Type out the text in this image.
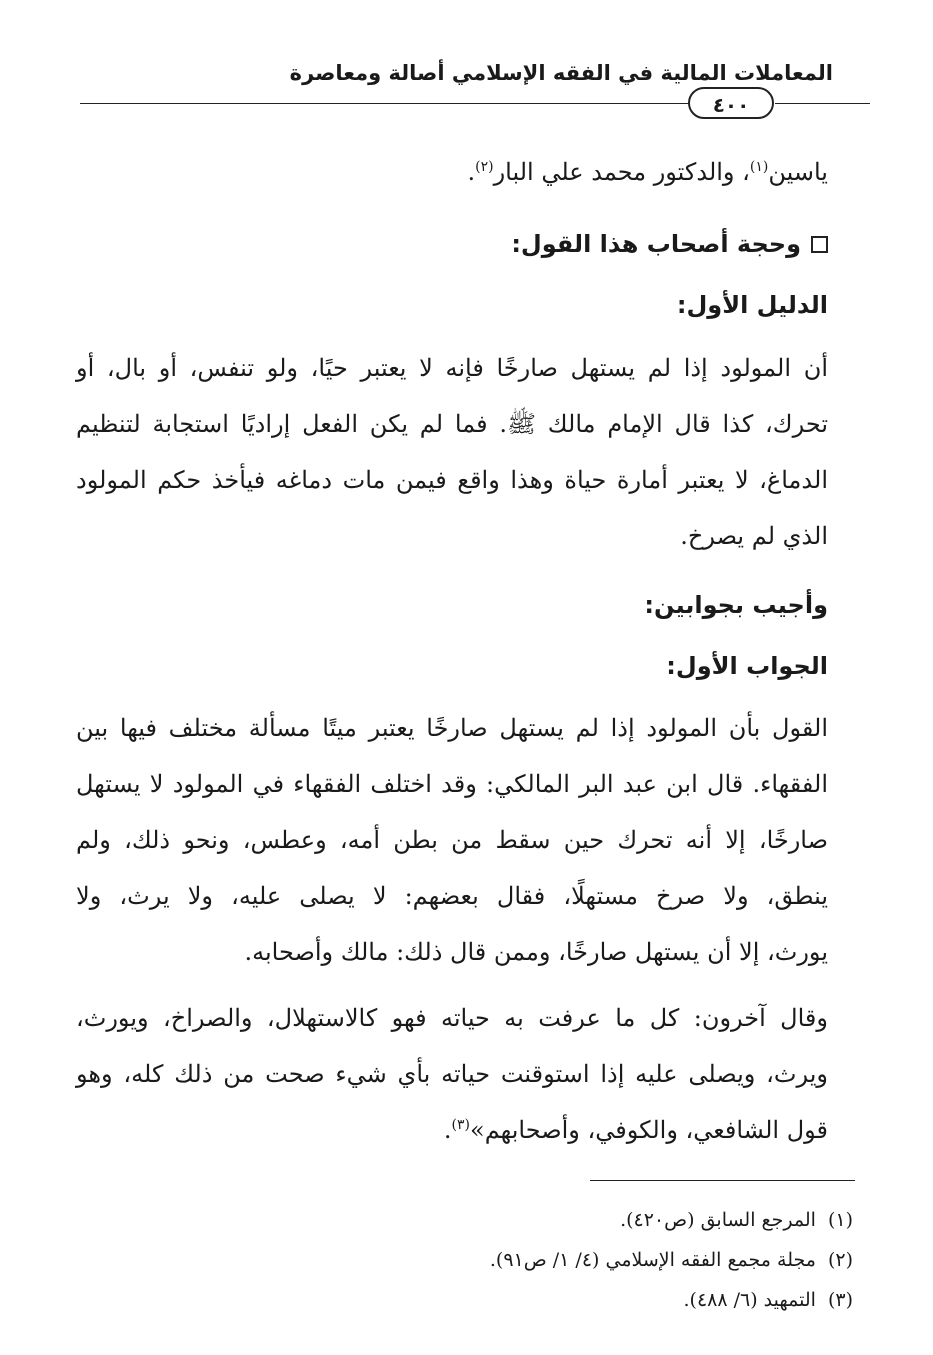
المعاملات المالية في الفقه الإسلامي أصالة ومعاصرة
٤٠٠
ياسين$^{(١)}$، والدكتور محمد علي البار$^{(٢)}$.
وحجة أصحاب هذا القول:
الدليل الأول:
أن المولود إذا لم يستهل صارخًا فإنه لا يعتبر حيًا، ولو تنفس، أو بال، أو
تحرك، كذا قال الإمام مالك ﷺ. فما لم يكن الفعل إراديًا استجابة لتنظيم
الدماغ، لا يعتبر أمارة حياة وهذا واقع فيمن مات دماغه فيأخذ حكم المولود
الذي لم يصرخ.
وأجيب بجوابين:
الجواب الأول:
القول بأن المولود إذا لم يستهل صارخًا يعتبر ميتًا مسألة مختلف فيها بين
الفقهاء. قال ابن عبد البر المالكي: وقد اختلف الفقهاء في المولود لا يستهل
صارخًا، إلا أنه تحرك حين سقط من بطن أمه، وعطس، ونحو ذلك، ولم
ينطق، ولا صرخ مستهلًا، فقال بعضهم: لا يصلى عليه، ولا يرث، ولا
يورث، إلا أن يستهل صارخًا، وممن قال ذلك: مالك وأصحابه.
وقال آخرون: كل ما عرفت به حياته فهو كالاستهلال، والصراخ، ويورث،
ويرث، ويصلى عليه إذا استوقنت حياته بأي شيء صحت من ذلك كله، وهو
قول الشافعي، والكوفي، وأصحابهم»$^{(٣)}$.
(١)المرجع السابق (ص٤٢٠).
(٢)مجلة مجمع الفقه الإسلامي (٤/ ١/ ص٩١).
(٣)التمهيد (٦/ ٤٨٨).
